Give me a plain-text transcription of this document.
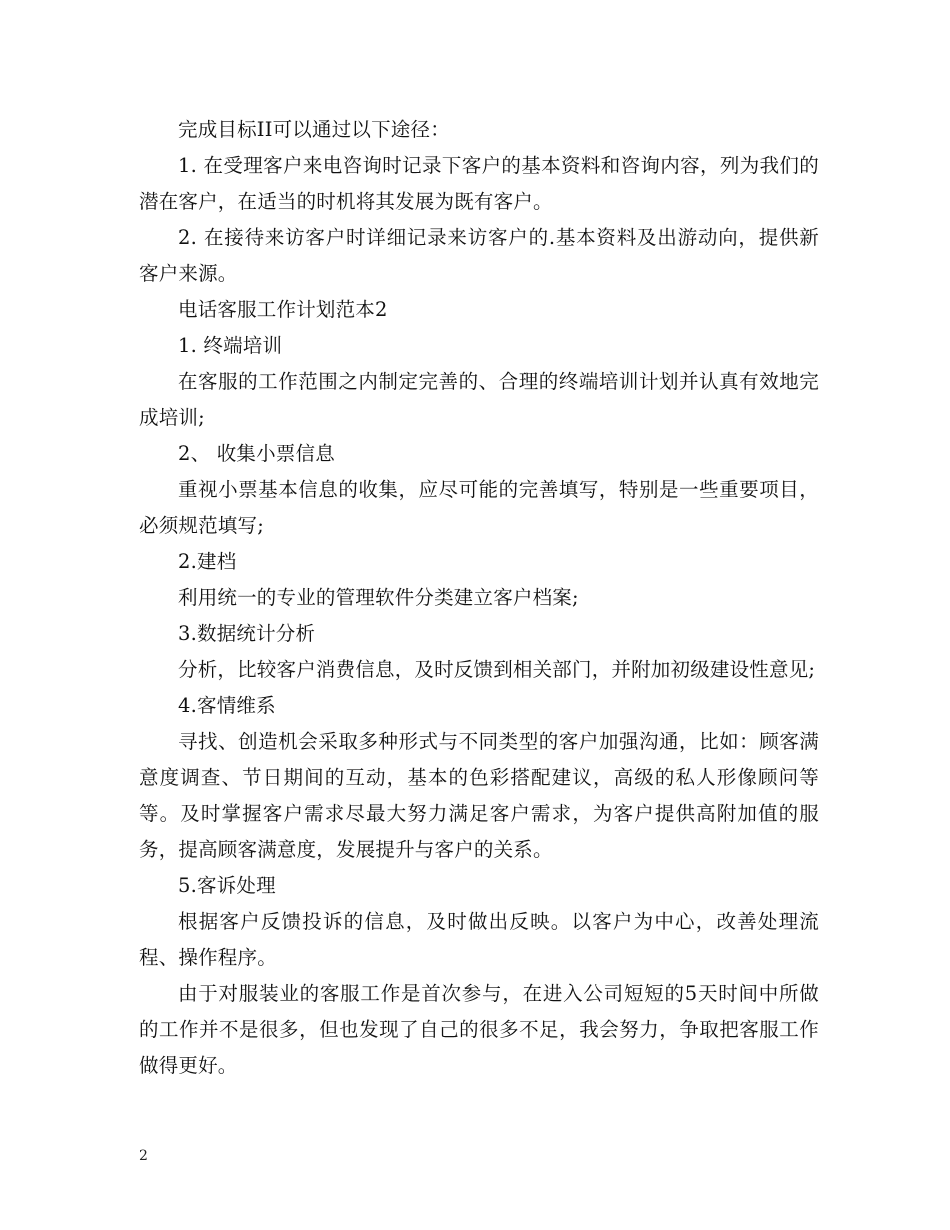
完成目标II可以通过以下途径：

1. 在受理客户来电咨询时记录下客户的基本资料和咨询内容，列为我们的潜在客户，在适当的时机将其发展为既有客户。

2. 在接待来访客户时详细记录来访客户的.基本资料及出游动向，提供新客户来源。

电话客服工作计划范本2

1. 终端培训

在客服的工作范围之内制定完善的、合理的终端培训计划并认真有效地完成培训;

2、 收集小票信息

重视小票基本信息的收集，应尽可能的完善填写，特别是一些重要项目，必须规范填写;

2.建档

利用统一的专业的管理软件分类建立客户档案;

3.数据统计分析

分析，比较客户消费信息，及时反馈到相关部门，并附加初级建设性意见;

4.客情维系

寻找、创造机会采取多种形式与不同类型的客户加强沟通，比如：顾客满意度调查、节日期间的互动，基本的色彩搭配建议，高级的私人形像顾问等等。及时掌握客户需求尽最大努力满足客户需求，为客户提供高附加值的服务，提高顾客满意度，发展提升与客户的关系。

5.客诉处理

根据客户反馈投诉的信息，及时做出反映。以客户为中心，改善处理流程、操作程序。

由于对服装业的客服工作是首次参与，在进入公司短短的5天时间中所做的工作并不是很多，但也发现了自己的很多不足，我会努力，争取把客服工作做得更好。

2
